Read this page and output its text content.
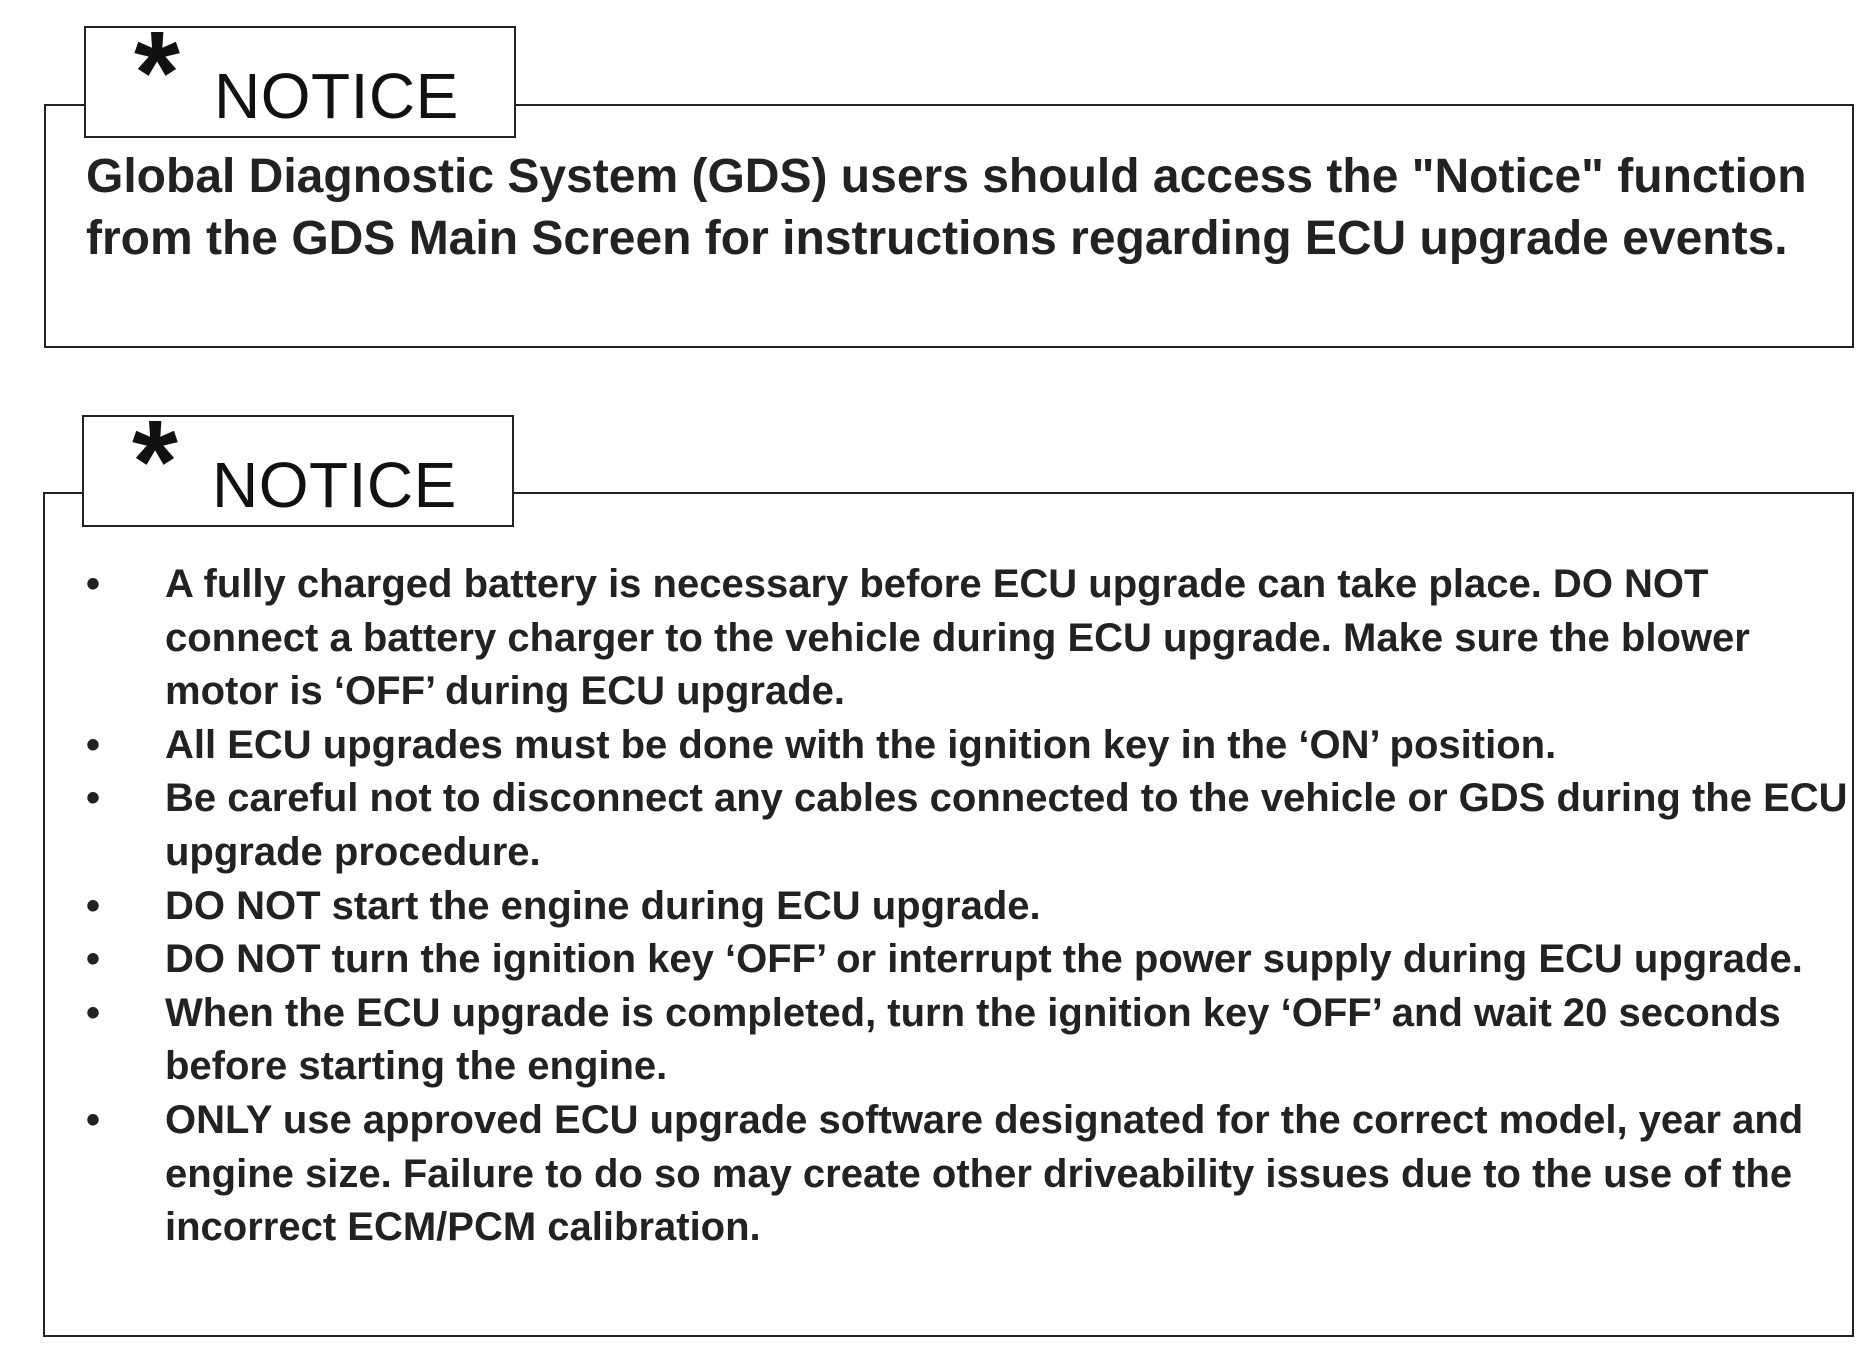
Global Diagnostic System (GDS) users should access the "Notice" function from the GDS Main Screen for instructions regarding ECU upgrade events.
* NOTICE
• A fully charged battery is necessary before ECU upgrade can take place. DO NOT connect a battery charger to the vehicle during ECU upgrade. Make sure the blower motor is ‘OFF’ during ECU upgrade.
• All ECU upgrades must be done with the ignition key in the ‘ON’ position.
• Be careful not to disconnect any cables connected to the vehicle or GDS during the ECU upgrade procedure.
• DO NOT start the engine during ECU upgrade.
• DO NOT turn the ignition key ‘OFF’ or interrupt the power supply during ECU upgrade.
• When the ECU upgrade is completed, turn the ignition key ‘OFF’ and wait 20 seconds before starting the engine.
• ONLY use approved ECU upgrade software designated for the correct model, year and engine size. Failure to do so may create other driveability issues due to the use of the incorrect ECM/PCM calibration.
* NOTICE
